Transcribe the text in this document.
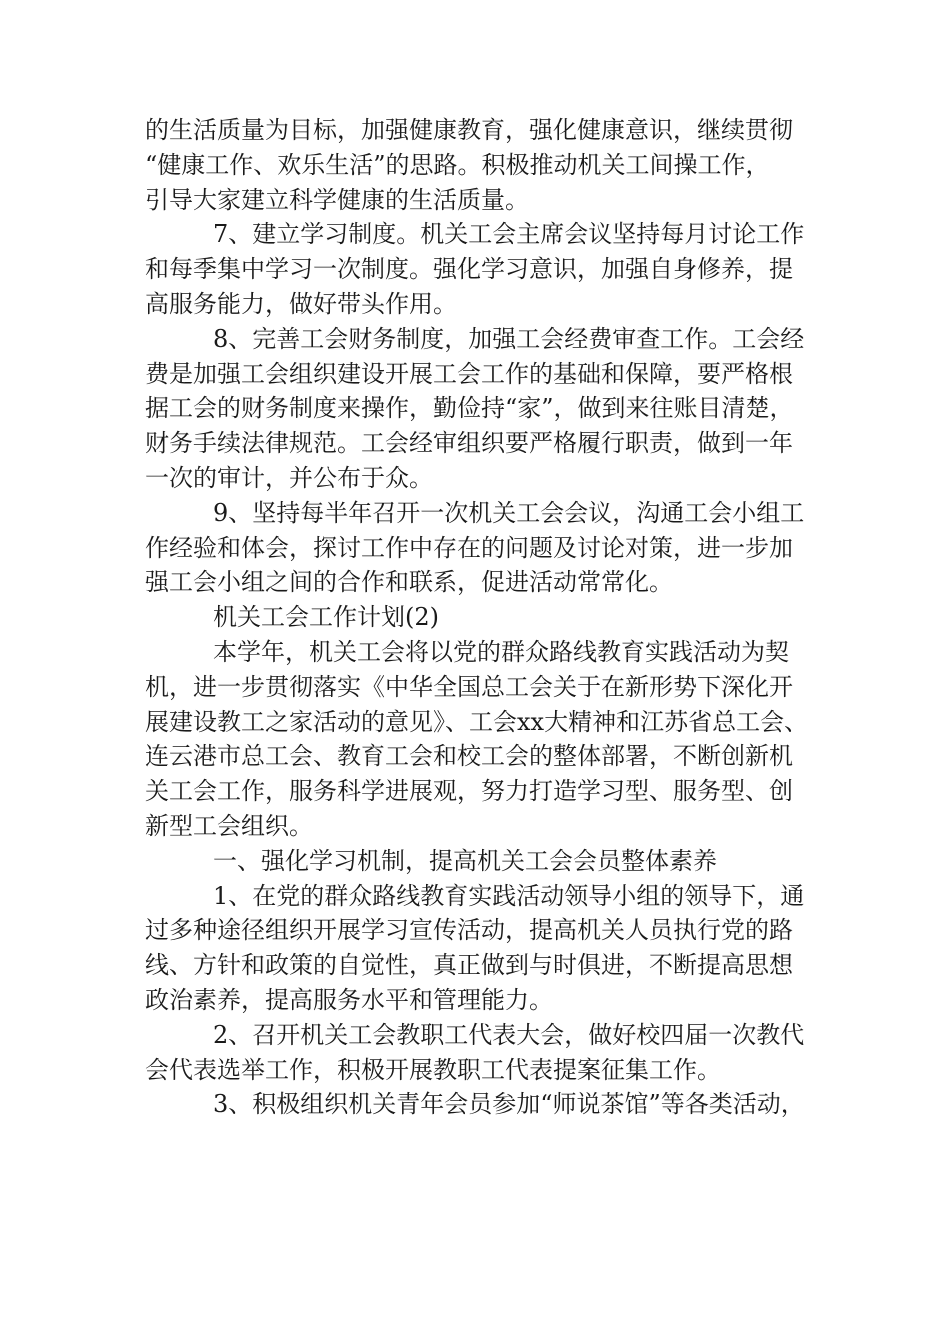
的生活质量为目标，加强健康教育，强化健康意识，继续贯彻
“健康工作、欢乐生活”的思路。积极推动机关工间操工作，
引导大家建立科学健康的生活质量。
7、建立学习制度。机关工会主席会议坚持每月讨论工作
和每季集中学习一次制度。强化学习意识，加强自身修养，提
高服务能力，做好带头作用。
8、完善工会财务制度，加强工会经费审查工作。工会经
费是加强工会组织建设开展工会工作的基础和保障，要严格根
据工会的财务制度来操作，勤俭持“家”，做到来往账目清楚，
财务手续法律规范。工会经审组织要严格履行职责，做到一年
一次的审计，并公布于众。
9、坚持每半年召开一次机关工会会议，沟通工会小组工
作经验和体会，探讨工作中存在的问题及讨论对策，进一步加
强工会小组之间的合作和联系，促进活动常常化。
机关工会工作计划(2)
本学年，机关工会将以党的群众路线教育实践活动为契
机，进一步贯彻落实《中华全国总工会关于在新形势下深化开
展建设教工之家活动的意见》、工会xx大精神和江苏省总工会、
连云港市总工会、教育工会和校工会的整体部署，不断创新机
关工会工作，服务科学进展观，努力打造学习型、服务型、创
新型工会组织。
一、强化学习机制，提高机关工会会员整体素养
1、在党的群众路线教育实践活动领导小组的领导下，通
过多种途径组织开展学习宣传活动，提高机关人员执行党的路
线、方针和政策的自觉性，真正做到与时俱进，不断提高思想
政治素养，提高服务水平和管理能力。
2、召开机关工会教职工代表大会，做好校四届一次教代
会代表选举工作，积极开展教职工代表提案征集工作。
3、积极组织机关青年会员参加“师说茶馆”等各类活动，
